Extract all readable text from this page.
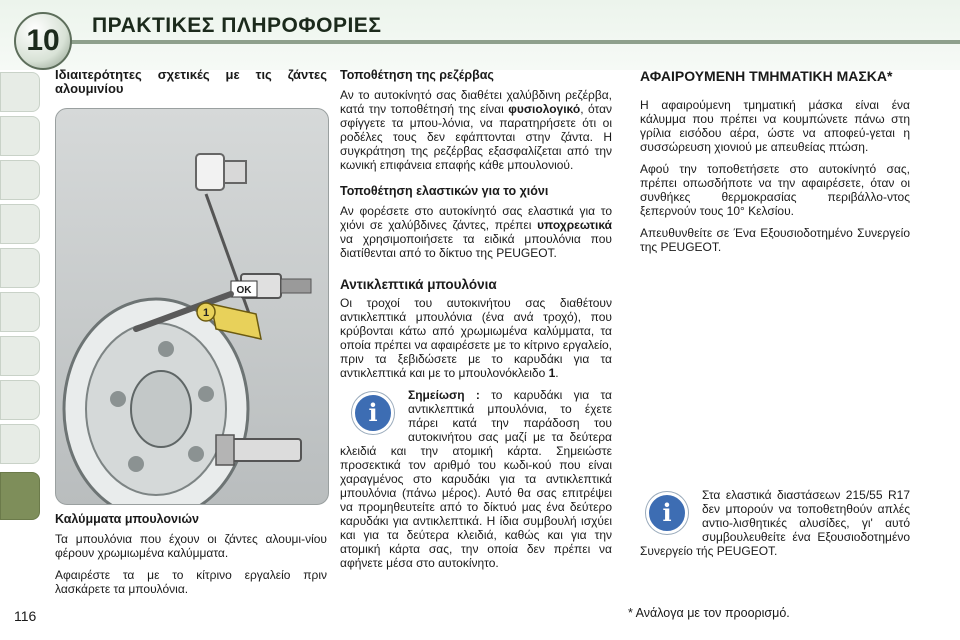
10 ΠΡΑΚΤΙΚΕΣ ΠΛΗΡΟΦΟΡΙΕΣ
Ιδιαιτερότητες σχετικές με τις ζάντες αλουμινίου
OK
1
Καλύμματα μπουλονιών

Τα μπουλόνια που έχουν οι ζάντες αλουμι-νίου φέρουν χρωμιωμένα καλύμματα.

Αφαιρέστε τα με το κίτρινο εργαλείο πριν λασκάρετε τα μπουλόνια.

Τοποθέτηση της ρεζέρβας

Αν το αυτοκίνητό σας διαθέτει χαλύβδινη ρεζέρβα, κατά την τοποθέτησή της είναι φυσιολογικό, όταν σφίγγετε τα μπου-λόνια, να παρατηρήσετε ότι οι ροδέλες τους δεν εφάπτονται στην ζάντα. Η συγκράτηση της ρεζέρβας εξασφαλίζεται από την κωνική επιφάνεια επαφής κάθε μπουλονιού.

Τοποθέτηση ελαστικών για το χιόνι

Αν φορέσετε στο αυτοκίνητό σας ελαστικά για το χιόνι σε χαλύβδινες ζάντες, πρέπει υποχρεωτικά να χρησιμοποιήσετε τα ειδικά μπουλόνια που διατίθενται από το δίκτυο της PEUGEOT.

Αντικλεπτικά μπουλόνια

Οι τροχοί του αυτοκινήτου σας διαθέτουν αντικλεπτικά μπουλόνια (ένα ανά τροχό), που κρύβονται κάτω από χρωμιωμένα καλύμματα, τα οποία πρέπει να αφαιρέσετε με το κίτρινο εργαλείο, πριν τα ξεβιδώσετε με το καρυδάκι για τα αντικλεπτικά και με το μπουλονόκλειδο 1.

i

Σημείωση : το καρυδάκι για τα αντικλεπτικά μπουλόνια, το έχετε πάρει κατά την παράδοση του αυτοκινήτου σας μαζί με τα δεύτερα κλειδιά και την ατομική κάρτα. Σημειώστε προσεκτικά τον αριθμό του κωδι-κού που είναι χαραγμένος στο καρυδάκι για τα αντικλεπτικά μπουλόνια (πάνω μέρος). Αυτό θα σας επιτρέψει να προμηθευτείτε από το δίκτυό μας ένα δεύτερο καρυδάκι για αντικλεπτικά. Η ίδια συμβουλή ισχύει και για τα δεύτερα κλειδιά, καθώς και για την ατομική κάρτα σας, την οποία δεν πρέπει να αφήνετε μέσα στο αυτοκίνητο.

ΑΦΑΙΡΟΥΜΕΝΗ ΤΜΗΜΑΤΙΚΗ ΜΑΣΚΑ*

Η αφαιρούμενη τμηματική μάσκα είναι ένα κάλυμμα που πρέπει να κουμπώνετε πάνω στη γρίλια εισόδου αέρα, ώστε να αποφεύ-γεται η συσσώρευση χιονιού με απευθείας πτώση.

Αφού την τοποθετήσετε στο αυτοκίνητό σας, πρέπει οπωσδήποτε να την αφαιρέσετε, όταν οι συνθήκες θερμοκρασίας περιβάλλο-ντος ξεπερνούν τους 10° Κελσίου.

Απευθυνθείτε σε Ένα Εξουσιοδοτημένο Συνεργείο της PEUGEOT.

i

Στα ελαστικά διαστάσεων 215/55 R17 δεν μπορούν να τοποθετηθούν απλές αντιο-λισθητικές αλυσίδες, γι' αυτό συμβουλευθείτε ένα Εξουσιοδοτημένο Συνεργείο τής PEUGEOT.

116	* Ανάλογα με τον προορισμό.
